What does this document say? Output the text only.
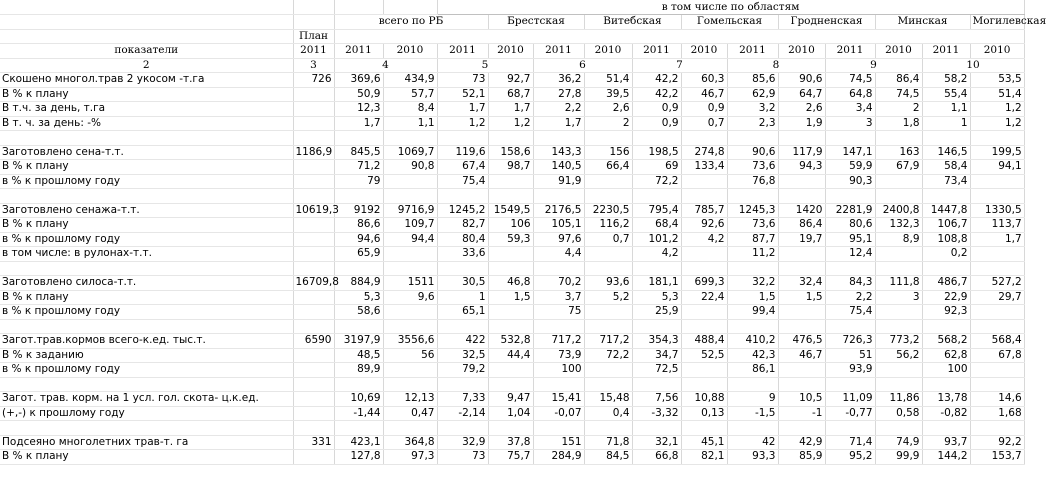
				в том числе по областям											
		всего по РБ			Брестская		Витебская		Гомельская		Гродненская		Минская		Могилевская
	План														
показатели	2011	2011	2010	2011	2010	2011	2010	2011	2010	2011	2010	2011	2010	2011	2010
2	3	4		5		6		7		8		9		10	
Скошено многол.трав 2 укосом -т.га	726	369,6	434,9	73	92,7	36,2	51,4	42,2	60,3	85,6	90,6	74,5	86,4	58,2	53,5
В % к плану		50,9	57,7	52,1	68,7	27,8	39,5	42,2	46,7	62,9	64,7	64,8	74,5	55,4	51,4
В т.ч. за день, т.га		12,3	8,4	1,7	1,7	2,2	2,6	0,9	0,9	3,2	2,6	3,4	2	1,1	1,2
В т. ч. за день: -%		1,7	1,1	1,2	1,2	1,7	2	0,9	0,7	2,3	1,9	3	1,8	1	1,2

Заготовлено сена-т.т.	1186,9	845,5	1069,7	119,6	158,6	143,3	156	198,5	274,8	90,6	117,9	147,1	163	146,5	199,5
В % к плану		71,2	90,8	67,4	98,7	140,5	66,4	69	133,4	73,6	94,3	59,9	67,9	58,4	94,1
в % к прошлому году		79		75,4		91,9		72,2		76,8		90,3		73,4	

Заготовлено сенажа-т.т.	10619,3	9192	9716,9	1245,2	1549,5	2176,5	2230,5	795,4	785,7	1245,3	1420	2281,9	2400,8	1447,8	1330,5
В % к плану		86,6	109,7	82,7	106	105,1	116,2	68,4	92,6	73,6	86,4	80,6	132,3	106,7	113,7
в % к прошлому году		94,6	94,4	80,4	59,3	97,6	0,7	101,2	4,2	87,7	19,7	95,1	8,9	108,8	1,7
в том числе: в рулонах-т.т.		65,9		33,6		4,4		4,2		11,2		12,4		0,2	

Заготовлено силоса-т.т.	16709,8	884,9	1511	30,5	46,8	70,2	93,6	181,1	699,3	32,2	32,4	84,3	111,8	486,7	527,2
В % к плану		5,3	9,6	1	1,5	3,7	5,2	5,3	22,4	1,5	1,5	2,2	3	22,9	29,7
в % к прошлому году		58,6		65,1		75		25,9		99,4		75,4		92,3	

Загот.трав.кормов всего-к.ед. тыс.т.	6590	3197,9	3556,6	422	532,8	717,2	717,2	354,3	488,4	410,2	476,5	726,3	773,2	568,2	568,4
В % к заданию		48,5	56	32,5	44,4	73,9	72,2	34,7	52,5	42,3	46,7	51	56,2	62,8	67,8
в % к прошлому году		89,9		79,2		100		72,5		86,1		93,9		100	

Загот. трав. корм. на 1 усл. гол. скота- ц.к.ед.		10,69	12,13	7,33	9,47	15,41	15,48	7,56	10,88	9	10,5	11,09	11,86	13,78	14,6
(+,-) к прошлому году		-1,44	0,47	-2,14	1,04	-0,07	0,4	-3,32	0,13	-1,5	-1	-0,77	0,58	-0,82	1,68

Подсеяно многолетних трав-т. га	331	423,1	364,8	32,9	37,8	151	71,8	32,1	45,1	42	42,9	71,4	74,9	93,7	92,2
В % к плану		127,8	97,3	73	75,7	284,9	84,5	66,8	82,1	93,3	85,9	95,2	99,9	144,2	153,7
